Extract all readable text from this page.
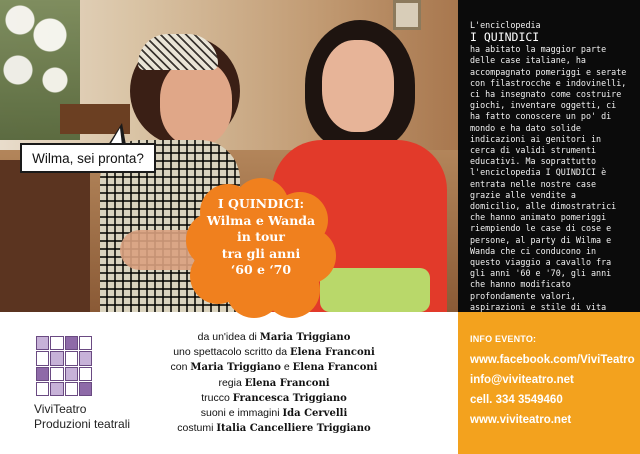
Wilma, sei pronta?
I QUINDICI:
Wilma e Wanda
in tour
tra gli anni
‘60 e ‘70
L'enciclopedia
I QUINDICI
ha abitato la maggior parte delle case italiane, ha accompagnato pomeriggi e serate con filastrocche e indovinelli, ci ha insegnato come costruire giochi, inventare oggetti, ci ha fatto conoscere un po' di mondo e ha dato solide indicazioni ai genitori in cerca di validi strumenti educativi. Ma soprattutto l'enciclopedia I QUINDICI è entrata nelle nostre case grazie alle vendite a domicilio, alle dimostratrici che hanno animato pomeriggi riempiendo le case di cose e persone, al party di Wilma e Wanda che ci conducono in questo viaggio a cavallo fra gli anni '60 e '70, gli anni che hanno modificato profondamente valori, aspirazioni e stile di vita
ViviTeatro
Produzioni teatrali
da un'idea di Maria Triggiano
uno spettacolo scritto da Elena Franconi
con Maria Triggiano e Elena Franconi
regia Elena Franconi
trucco Francesca Triggiano
suoni e immagini Ida Cervelli
costumi Italia Cancelliere Triggiano
INFO EVENTO:
www.facebook.com/ViviTeatro
info@viviteatro.net
cell. 334 3549460
www.viviteatro.net
